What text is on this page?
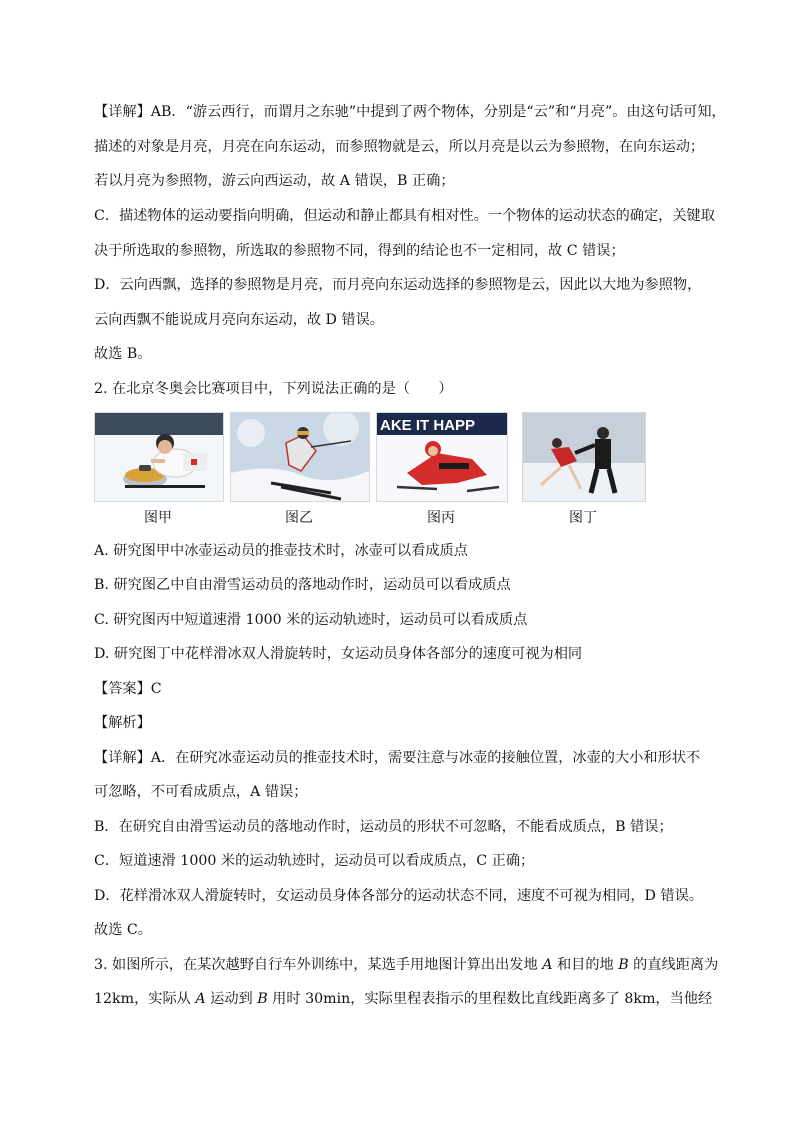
【详解】AB．“游云西行，而谓月之东驰”中提到了两个物体，分别是“云”和“月亮”。由这句话可知，
描述的对象是月亮，月亮在向东运动，而参照物就是云，所以月亮是以云为参照物，在向东运动；
若以月亮为参照物，游云向西运动，故 A 错误，B 正确；
C．描述物体的运动要指向明确，但运动和静止都具有相对性。一个物体的运动状态的确定，关键取
决于所选取的参照物，所选取的参照物不同，得到的结论也不一定相同，故 C 错误；
D．云向西飘，选择的参照物是月亮，而月亮向东运动选择的参照物是云，因此以大地为参照物，
云向西飘不能说成月亮向东运动，故 D 错误。
故选 B。
2. 在北京冬奥会比赛项目中，下列说法正确的是（　　）
AKE IT HAPP
图甲	图乙	图丙	图丁
A. 研究图甲中冰壶运动员的推壶技术时，冰壶可以看成质点
B. 研究图乙中自由滑雪运动员的落地动作时，运动员可以看成质点
C. 研究图丙中短道速滑 1000 米的运动轨迹时，运动员可以看成质点
D. 研究图丁中花样滑冰双人滑旋转时，女运动员身体各部分的速度可视为相同
【答案】C
【解析】
【详解】A．在研究冰壶运动员的推壶技术时，需要注意与冰壶的接触位置，冰壶的大小和形状不
可忽略，不可看成质点，A 错误；
B．在研究自由滑雪运动员的落地动作时，运动员的形状不可忽略，不能看成质点，B 错误；
C．短道速滑 1000 米的运动轨迹时，运动员可以看成质点，C 正确；
D．花样滑冰双人滑旋转时，女运动员身体各部分的运动状态不同，速度不可视为相同，D 错误。
故选 C。
3. 如图所示，在某次越野自行车外训练中，某选手用地图计算出出发地 A 和目的地 B 的直线距离为
12km，实际从 A 运动到 B 用时 30min，实际里程表指示的里程数比直线距离多了 8km，当他经
